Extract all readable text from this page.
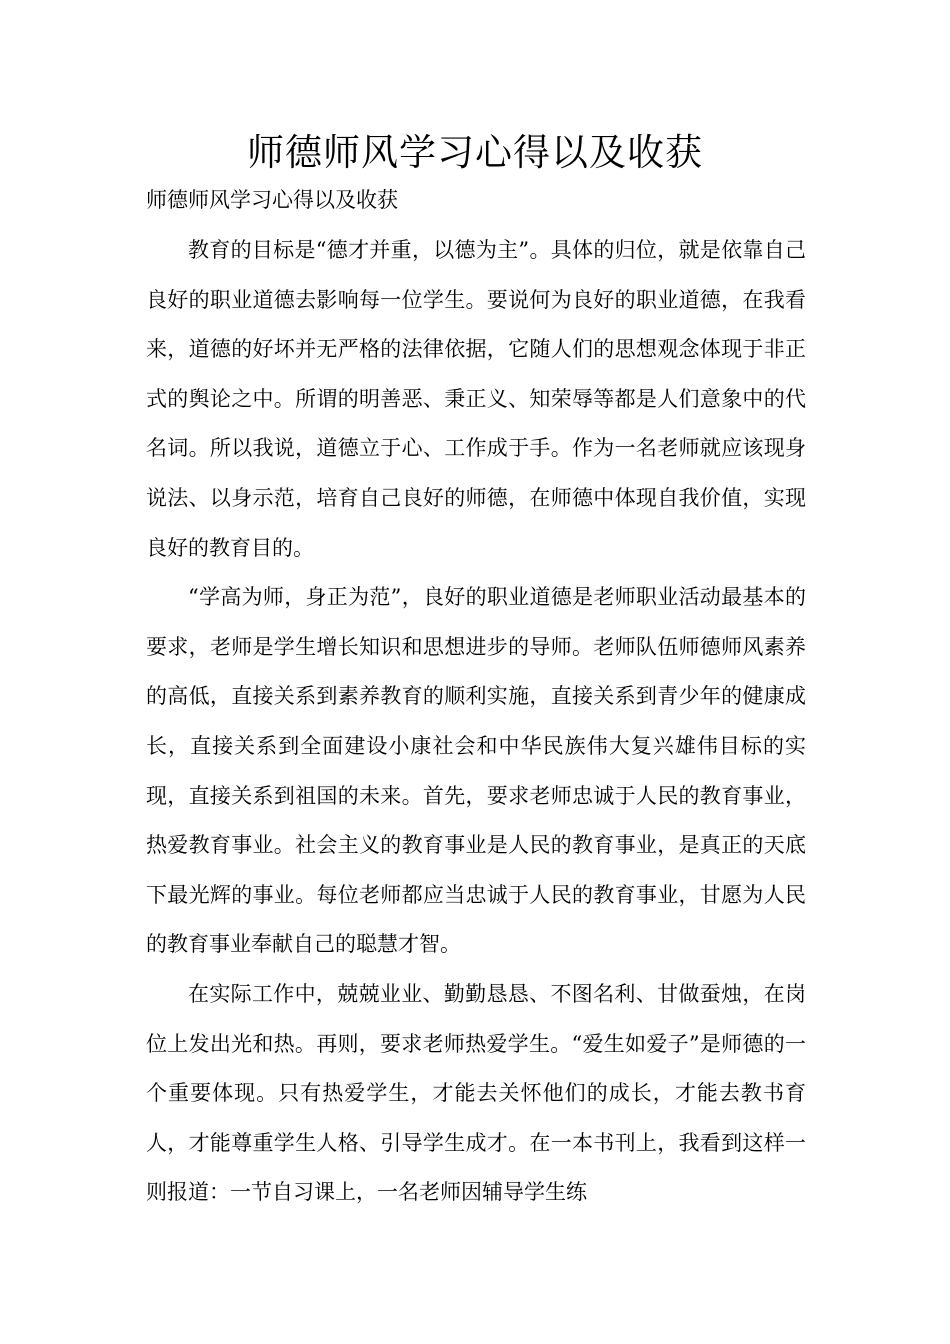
师德师风学习心得以及收获
师德师风学习心得以及收获

教育的目标是“德才并重，以德为主”。具体的归位，就是依靠自己良好的职业道德去影响每一位学生。要说何为良好的职业道德，在我看来，道德的好坏并无严格的法律依据，它随人们的思想观念体现于非正式的舆论之中。所谓的明善恶、秉正义、知荣辱等都是人们意象中的代名词。所以我说，道德立于心、工作成于手。作为一名老师就应该现身说法、以身示范，培育自己良好的师德，在师德中体现自我价值，实现良好的教育目的。

“学高为师，身正为范”，良好的职业道德是老师职业活动最基本的要求，老师是学生增长知识和思想进步的导师。老师队伍师德师风素养的高低，直接关系到素养教育的顺利实施，直接关系到青少年的健康成长，直接关系到全面建设小康社会和中华民族伟大复兴雄伟目标的实现，直接关系到祖国的未来。首先，要求老师忠诚于人民的教育事业，热爱教育事业。社会主义的教育事业是人民的教育事业，是真正的天底下最光辉的事业。每位老师都应当忠诚于人民的教育事业，甘愿为人民的教育事业奉献自己的聪慧才智。

在实际工作中，兢兢业业、勤勤恳恳、不图名利、甘做蚕烛，在岗位上发出光和热。再则，要求老师热爱学生。“爱生如爱子”是师德的一个重要体现。只有热爱学生，才能去关怀他们的成长，才能去教书育人，才能尊重学生人格、引导学生成才。在一本书刊上，我看到这样一则报道：一节自习课上，一名老师因辅导学生练
